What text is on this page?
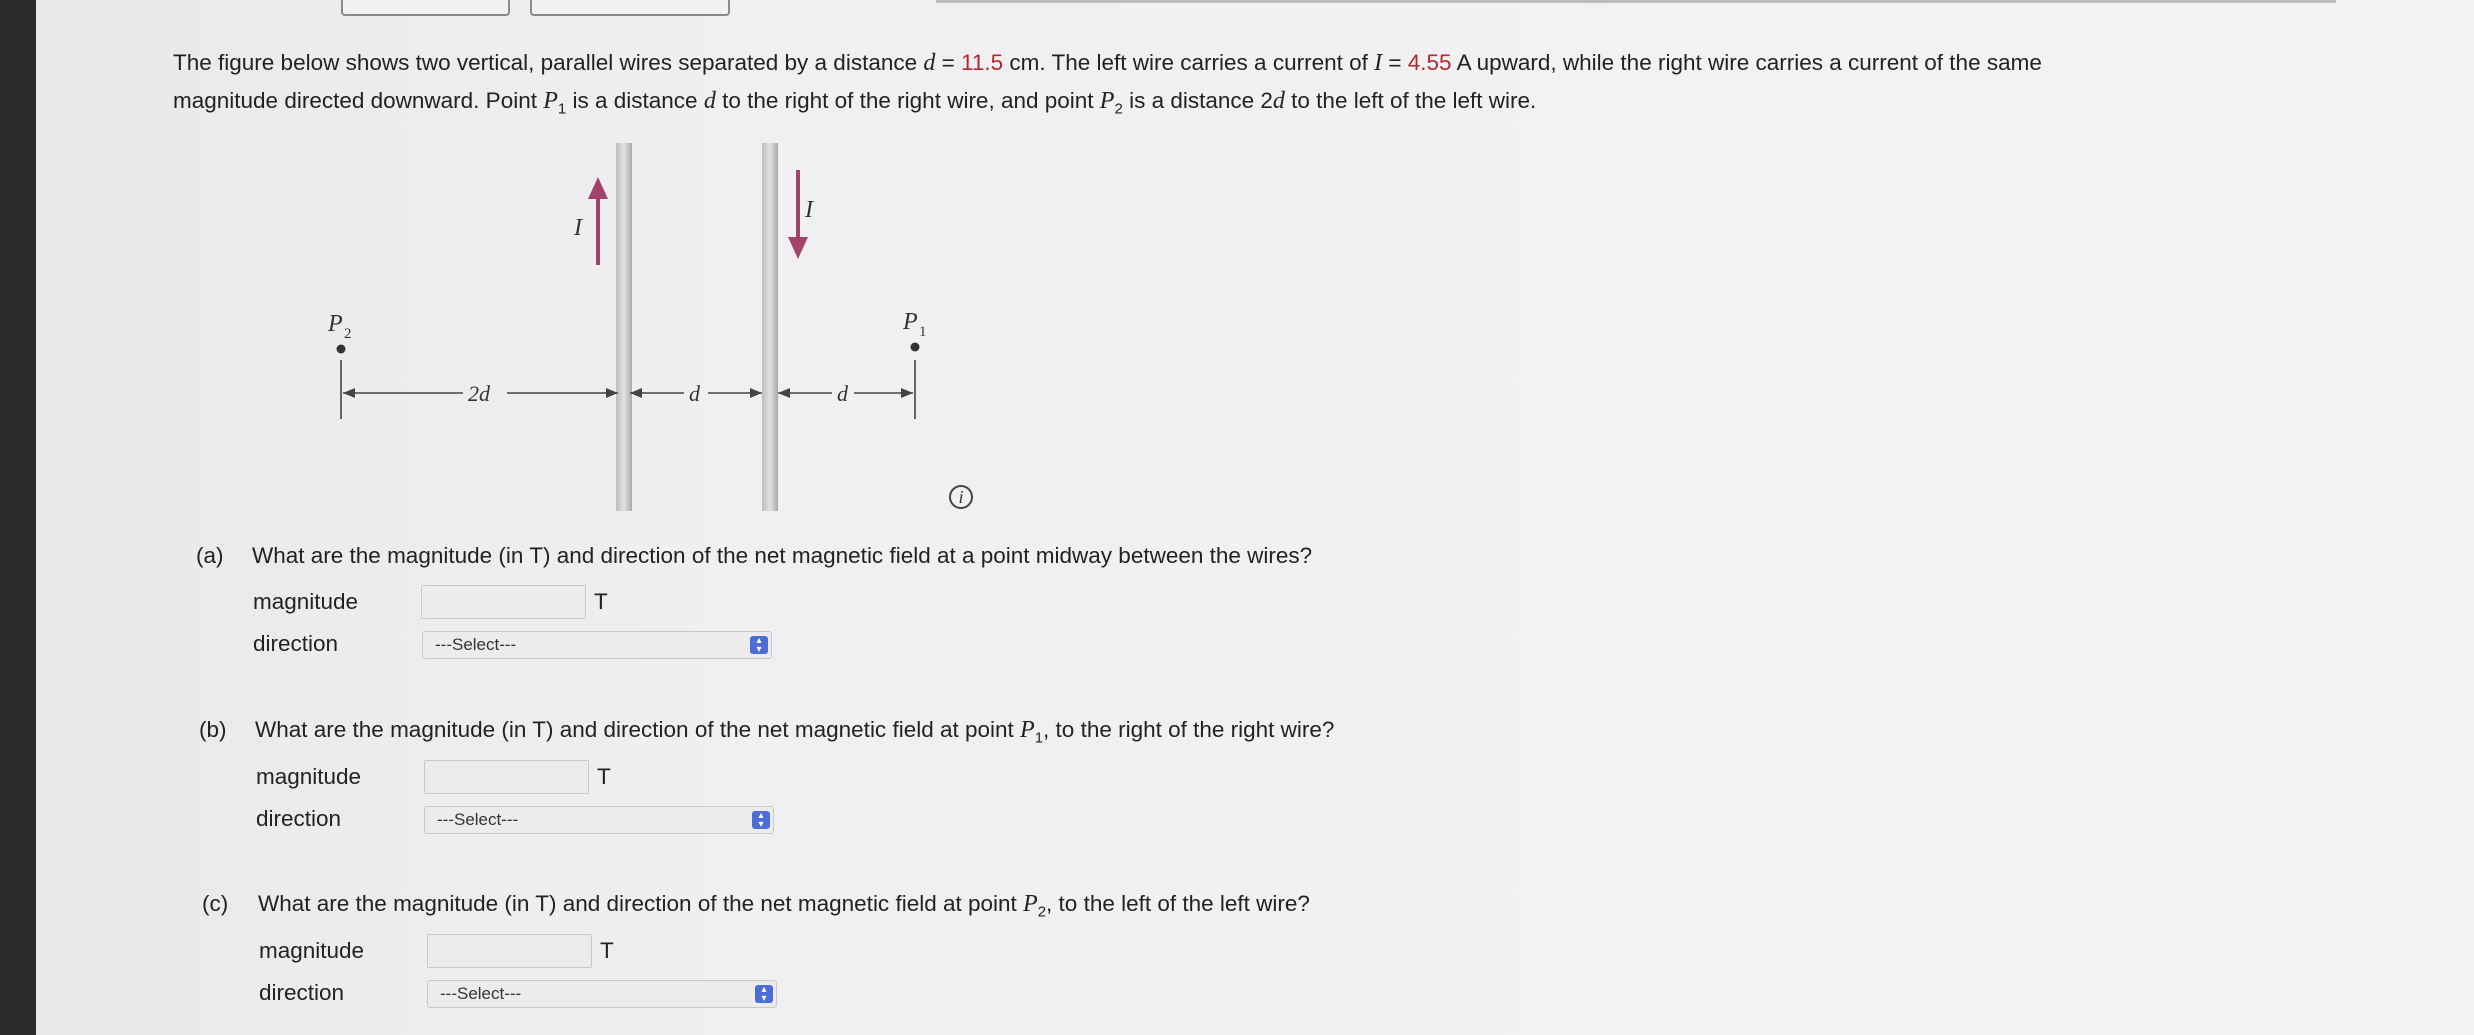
The figure below shows two vertical, parallel wires separated by a distance d = 11.5 cm. The left wire carries a current of I = 4.55 A upward, while the right wire carries a current of the same

magnitude directed downward. Point $P_1$ is a distance d to the right of the right wire, and point $P_2$ is a distance 2d to the left of the left wire.

I
I
P 2	P 1
2d	d	d
i
(a) What are the magnitude (in T) and direction of the net magnetic field at a point midway between the wires?
magnitude	T
direction	---Select---	▴
▾
(b) What are the magnitude (in T) and direction of the net magnetic field at point $P_1$, to the right of the right wire?
magnitude	T
direction	---Select---	▴
▾
(c) What are the magnitude (in T) and direction of the net magnetic field at point $P_2$, to the left of the left wire?
magnitude	T
direction	---Select---	▴
▾
